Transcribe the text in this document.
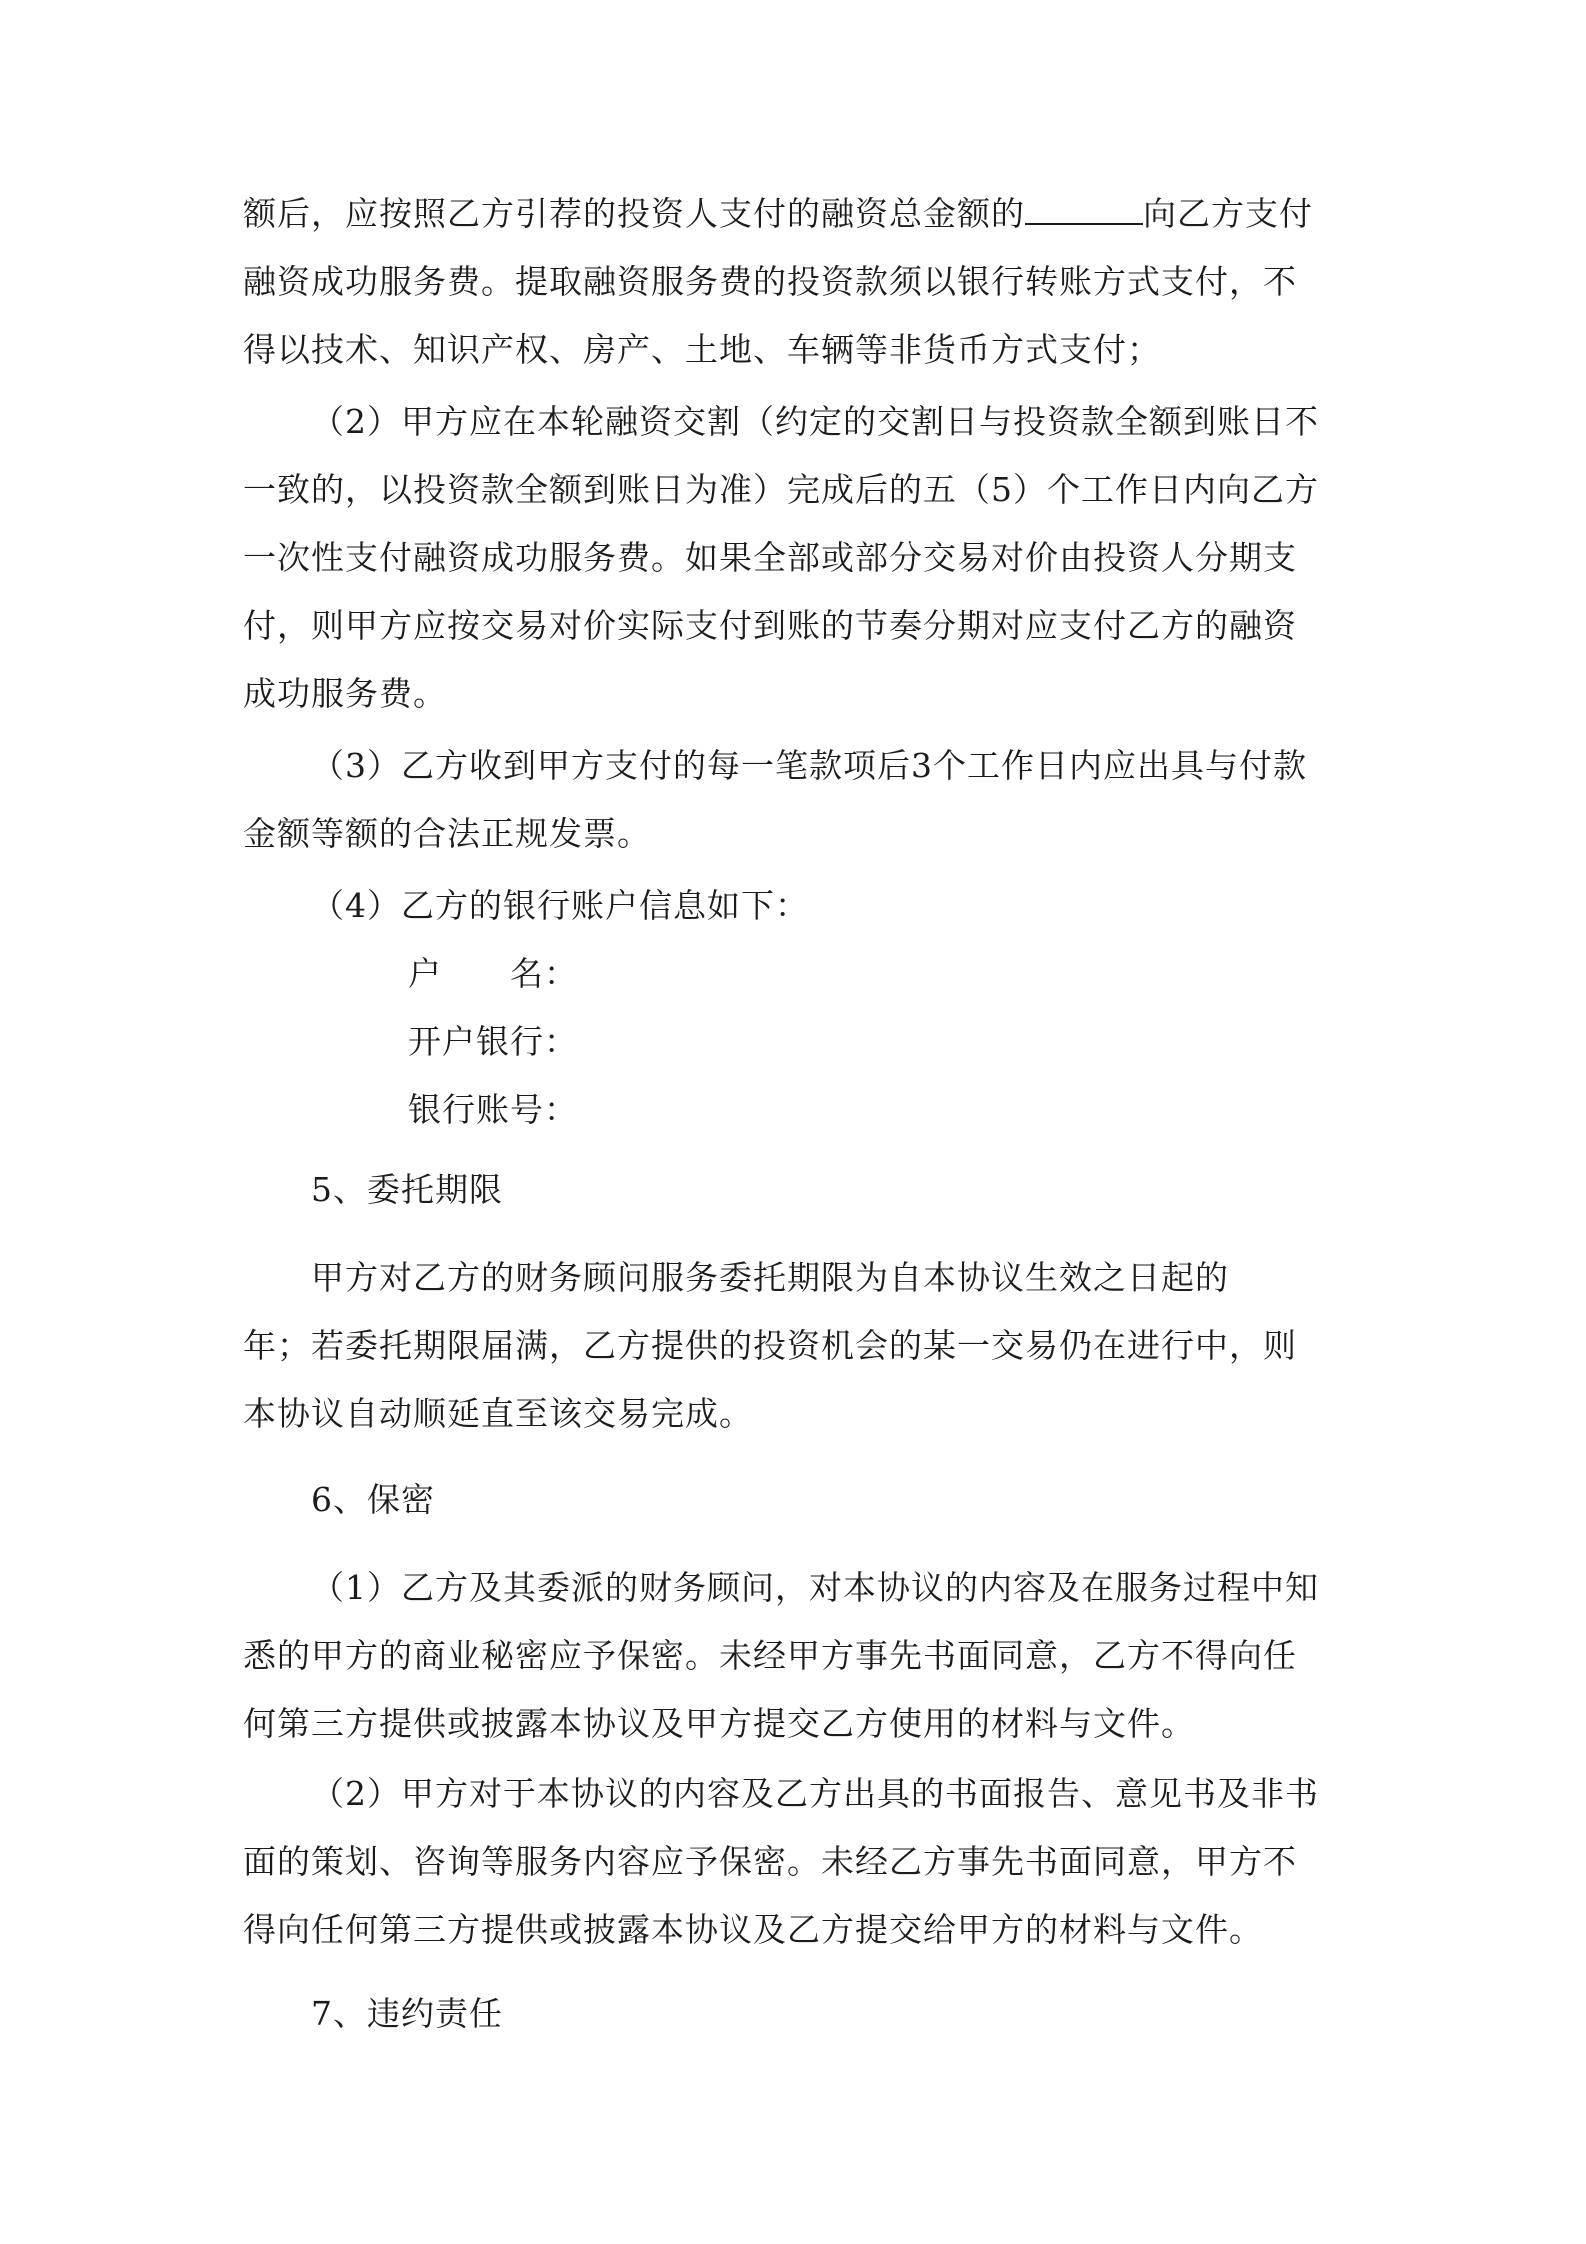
额后，应按照乙方引荐的投资人支付的融资总金额的	向乙方支付
融资成功服务费。提取融资服务费的投资款须以银行转账方式支付，不
得以技术、知识产权、房产、土地、车辆等非货币方式支付；
（2）甲方应在本轮融资交割（约定的交割日与投资款全额到账日不
一致的，以投资款全额到账日为准）完成后的五（5）个工作日内向乙方
一次性支付融资成功服务费。如果全部或部分交易对价由投资人分期支
付，则甲方应按交易对价实际支付到账的节奏分期对应支付乙方的融资
成功服务费。
（3）乙方收到甲方支付的每一笔款项后3个工作日内应出具与付款
金额等额的合法正规发票。
（4）乙方的银行账户信息如下：
户　　名：
开户银行：
银行账号：
5、委托期限
甲方对乙方的财务顾问服务委托期限为自本协议生效之日起的
年；若委托期限届满，乙方提供的投资机会的某一交易仍在进行中，则
本协议自动顺延直至该交易完成。
6、保密
（1）乙方及其委派的财务顾问，对本协议的内容及在服务过程中知
悉的甲方的商业秘密应予保密。未经甲方事先书面同意，乙方不得向任
何第三方提供或披露本协议及甲方提交乙方使用的材料与文件。
（2）甲方对于本协议的内容及乙方出具的书面报告、意见书及非书
面的策划、咨询等服务内容应予保密。未经乙方事先书面同意，甲方不
得向任何第三方提供或披露本协议及乙方提交给甲方的材料与文件。
7、违约责任
